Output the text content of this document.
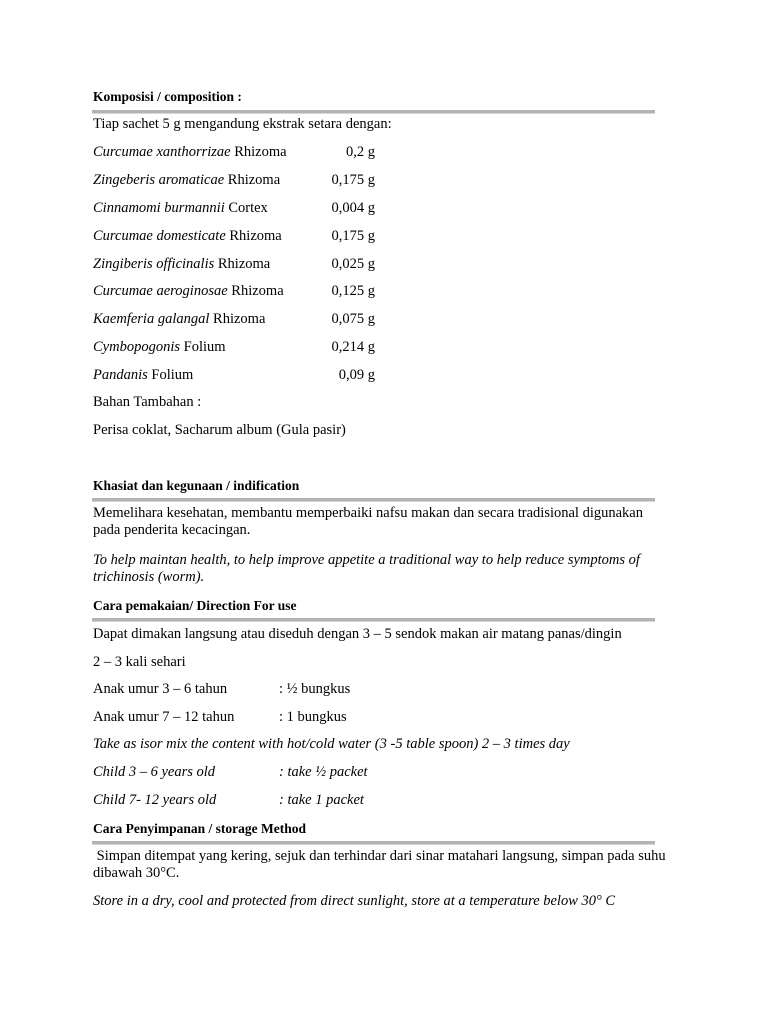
Komposisi / composition :
Tiap sachet 5 g mengandung ekstrak setara dengan:
Curcumae xanthorrizae Rhizoma	0,2 g
Zingeberis aromaticae Rhizoma	0,175 g
Cinnamomi burmannii Cortex	0,004 g
Curcumae domesticate Rhizoma	0,175 g
Zingiberis officinalis Rhizoma	0,025 g
Curcumae aeroginosae Rhizoma	0,125 g
Kaemferia galangal Rhizoma	0,075 g
Cymbopogonis Folium	0,214 g
Pandanis Folium	0,09 g
Bahan Tambahan :
Perisa coklat, Sacharum album (Gula pasir)
Khasiat dan kegunaan / indification
Memelihara kesehatan, membantu memperbaiki nafsu makan dan secara tradisional digunakan pada penderita kecacingan.
To help maintan health, to help improve appetite a traditional way to help reduce symptoms of trichinosis (worm).
Cara pemakaian/ Direction For use
Dapat dimakan langsung atau diseduh dengan 3 – 5 sendok makan air matang panas/dingin
2 – 3 kali sehari
Anak umur 3 – 6 tahun	: ½ bungkus
Anak umur 7 – 12 tahun	: 1 bungkus
Take as isor mix the content with hot/cold water (3 -5 table spoon) 2 – 3 times day
Child 3 – 6 years old	: take ½ packet
Child 7- 12 years old	: take 1 packet
Cara Penyimpanan / storage Method
Simpan ditempat yang kering, sejuk dan terhindar dari sinar matahari langsung, simpan pada suhu dibawah 30°C.
Store in a dry, cool and protected from direct sunlight, store at a temperature below 30° C
